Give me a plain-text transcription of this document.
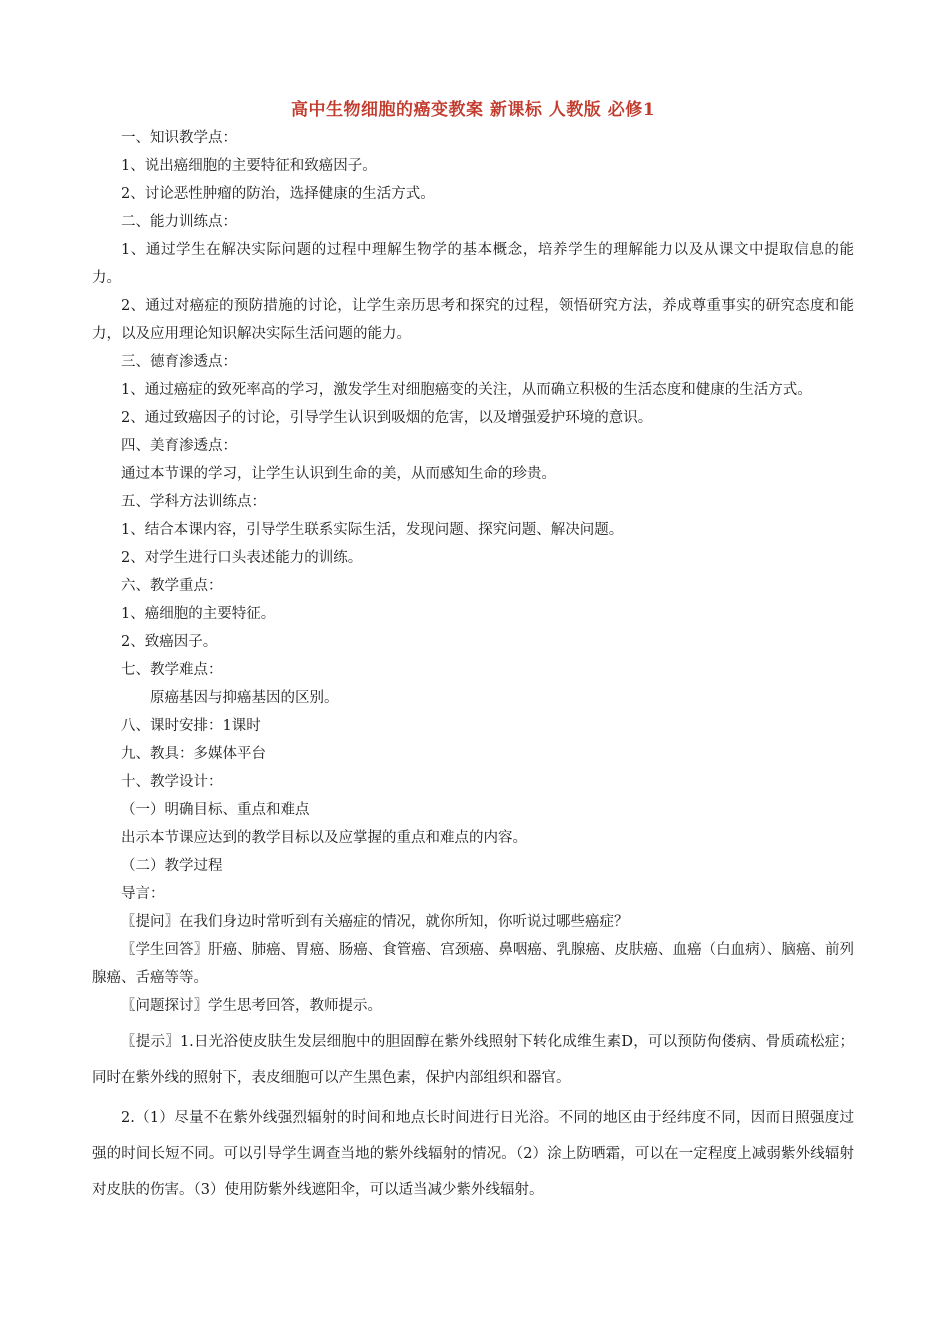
高中生物细胞的癌变教案 新课标 人教版 必修1

一、知识教学点：

1、说出癌细胞的主要特征和致癌因子。

2、讨论恶性肿瘤的防治，选择健康的生活方式。

二、能力训练点：

1、通过学生在解决实际问题的过程中理解生物学的基本概念，培养学生的理解能力以及从课文中提取信息的能力。

2、通过对癌症的预防措施的讨论，让学生亲历思考和探究的过程，领悟研究方法，养成尊重事实的研究态度和能力，以及应用理论知识解决实际生活问题的能力。

三、德育渗透点：

1、通过癌症的致死率高的学习，激发学生对细胞癌变的关注，从而确立积极的生活态度和健康的生活方式。

2、通过致癌因子的讨论，引导学生认识到吸烟的危害，以及增强爱护环境的意识。

四、美育渗透点：

通过本节课的学习，让学生认识到生命的美，从而感知生命的珍贵。

五、学科方法训练点：

1、结合本课内容，引导学生联系实际生活，发现问题、探究问题、解决问题。

2、对学生进行口头表述能力的训练。

六、教学重点：

1、癌细胞的主要特征。

2、致癌因子。

七、教学难点：

原癌基因与抑癌基因的区别。

八、课时安排：1课时

九、教具：多媒体平台

十、教学设计：

（一）明确目标、重点和难点

出示本节课应达到的教学目标以及应掌握的重点和难点的内容。

（二）教学过程

导言：

〖提问〗在我们身边时常听到有关癌症的情况，就你所知，你听说过哪些癌症？

〖学生回答〗肝癌、肺癌、胃癌、肠癌、食管癌、宫颈癌、鼻咽癌、乳腺癌、皮肤癌、血癌（白血病）、脑癌、前列腺癌、舌癌等等。

〖问题探讨〗学生思考回答，教师提示。

〖提示〗1.日光浴使皮肤生发层细胞中的胆固醇在紫外线照射下转化成维生素D，可以预防佝偻病、骨质疏松症；同时在紫外线的照射下，表皮细胞可以产生黑色素，保护内部组织和器官。

2.（1）尽量不在紫外线强烈辐射的时间和地点长时间进行日光浴。不同的地区由于经纬度不同，因而日照强度过强的时间长短不同。可以引导学生调查当地的紫外线辐射的情况。（2）涂上防晒霜，可以在一定程度上减弱紫外线辐射对皮肤的伤害。（3）使用防紫外线遮阳伞，可以适当减少紫外线辐射。
